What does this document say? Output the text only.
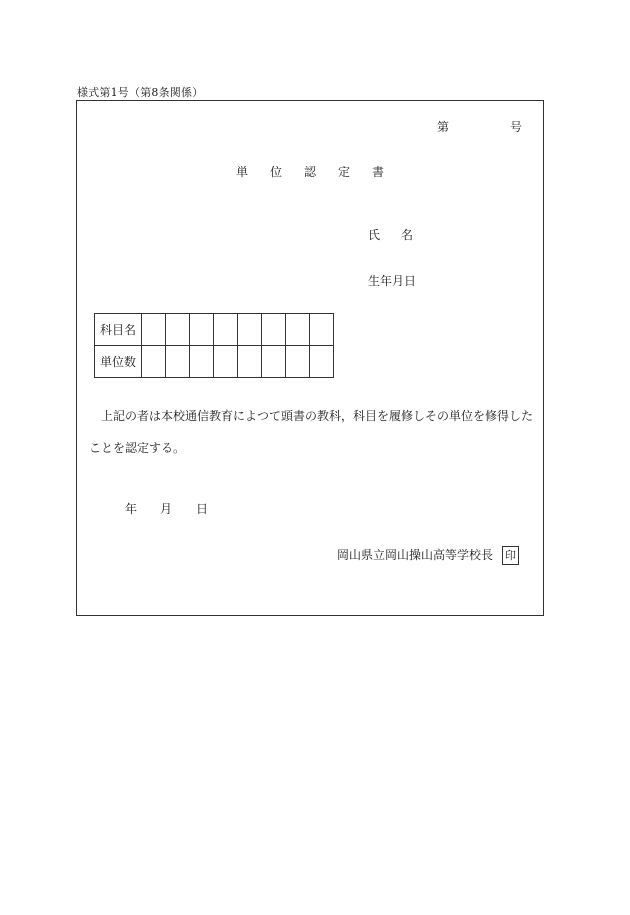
様式第1号（第8条関係）
第	号
単 位 認 定 書
氏 名
生年月日
科目名								
単位数								
上記の者は本校通信教育によつて頭書の教科，科目を履修しその単位を修得した
ことを認定する。
年 月 日
岡山県立岡山操山高等学校長 印
